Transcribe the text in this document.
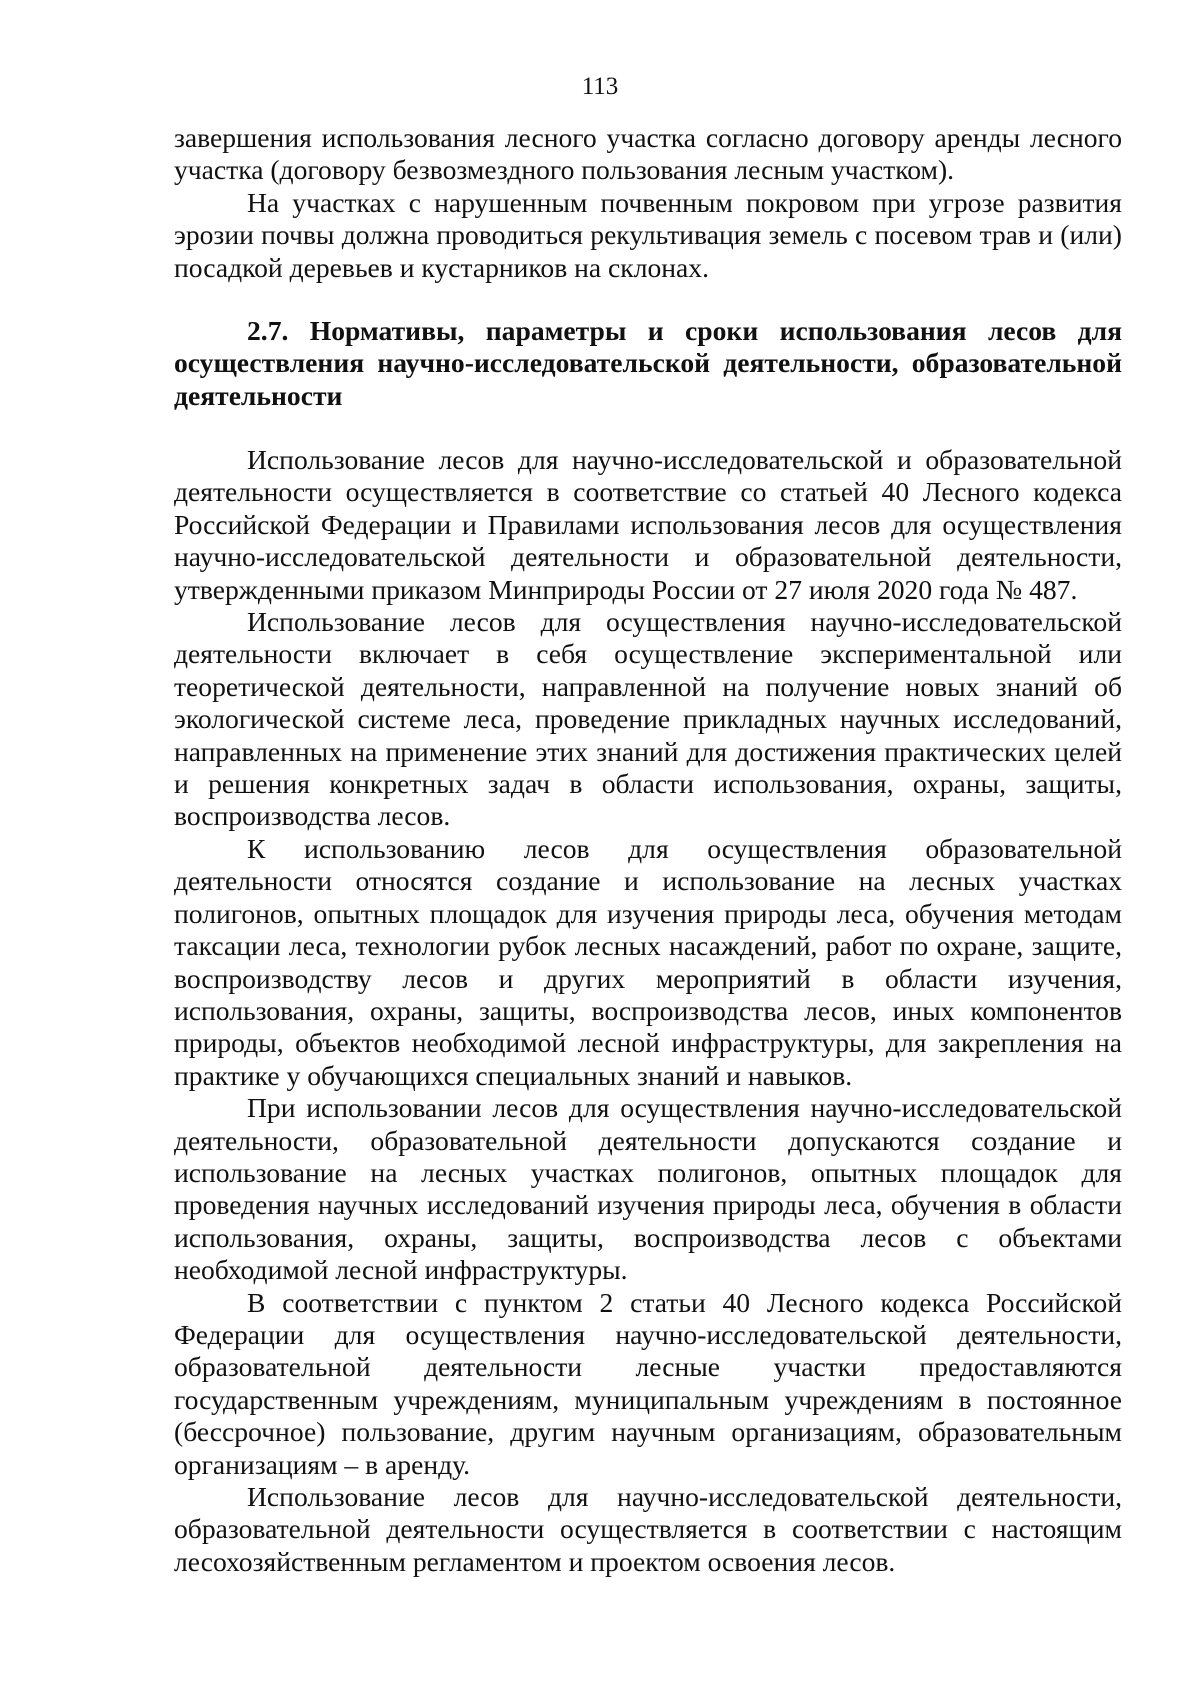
113

завершения использования лесного участка согласно договору аренды лесного участка (договору безвозмездного пользования лесным участком).

На участках с нарушенным почвенным покровом при угрозе развития эрозии почвы должна проводиться рекультивация земель с посевом трав и (или) посадкой деревьев и кустарников на склонах.

2.7. Нормативы, параметры и сроки использования лесов для осуществления научно-исследовательской деятельности, образовательной деятельности

Использование лесов для научно-исследовательской и образовательной деятельности осуществляется в соответствие со статьей 40 Лесного кодекса Российской Федерации и Правилами использования лесов для осуществления научно-исследовательской деятельности и образовательной деятельности, утвержденными приказом Минприроды России от 27 июля 2020 года № 487.

Использование лесов для осуществления научно-исследовательской деятельности включает в себя осуществление экспериментальной или теоретической деятельности, направленной на получение новых знаний об экологической системе леса, проведение прикладных научных исследований, направленных на применение этих знаний для достижения практических целей и решения конкретных задач в области использования, охраны, защиты, воспроизводства лесов.

К использованию лесов для осуществления образовательной деятельности относятся создание и использование на лесных участках полигонов, опытных площадок для изучения природы леса, обучения методам таксации леса, технологии рубок лесных насаждений, работ по охране, защите, воспроизводству лесов и других мероприятий в области изучения, использования, охраны, защиты, воспроизводства лесов, иных компонентов природы, объектов необходимой лесной инфраструктуры, для закрепления на практике у обучающихся специальных знаний и навыков.

При использовании лесов для осуществления научно-исследовательской деятельности, образовательной деятельности допускаются создание и использование на лесных участках полигонов, опытных площадок для проведения научных исследований изучения природы леса, обучения в области использования, охраны, защиты, воспроизводства лесов с объектами необходимой лесной инфраструктуры.

В соответствии с пунктом 2 статьи 40 Лесного кодекса Российской Федерации для осуществления научно-исследовательской деятельности, образовательной деятельности лесные участки предоставляются государственным учреждениям, муниципальным учреждениям в постоянное (бессрочное) пользование, другим научным организациям, образовательным организациям – в аренду.

Использование лесов для научно-исследовательской деятельности, образовательной деятельности осуществляется в соответствии с настоящим лесохозяйственным регламентом и проектом освоения лесов.
